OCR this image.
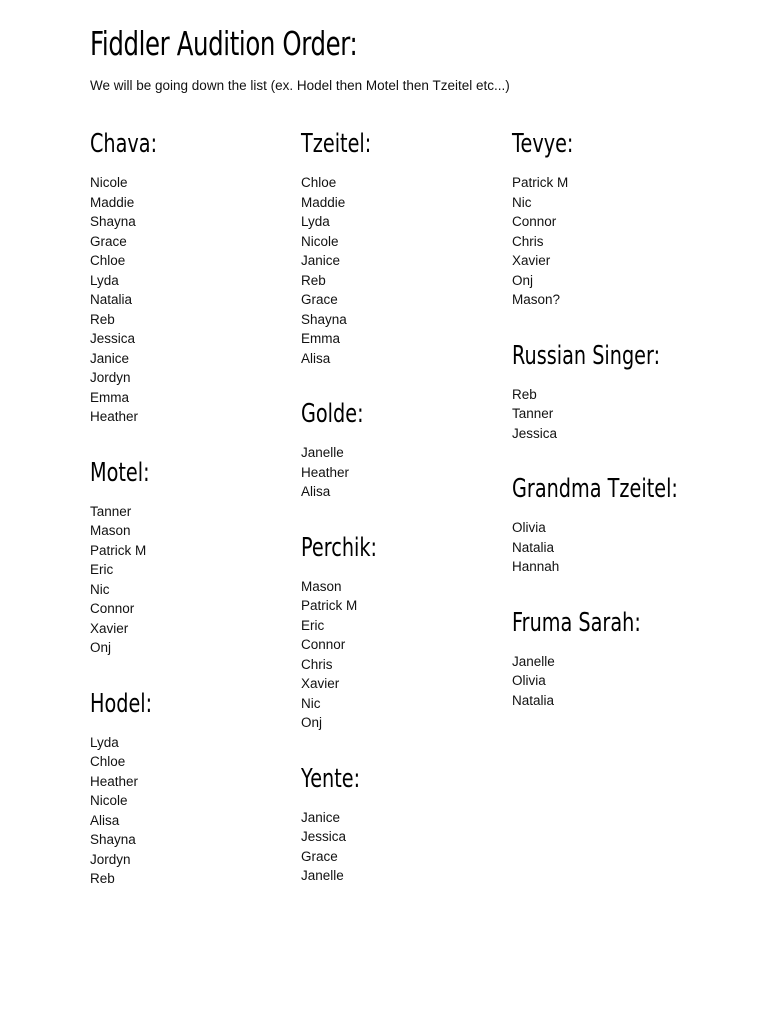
Fiddler Audition Order:

We will be going down the list (ex. Hodel then Motel then Tzeitel etc...)

Chava:
Nicole
Maddie
Shayna
Grace
Chloe
Lyda
Natalia
Reb
Jessica
Janice
Jordyn
Emma
Heather
Motel:
Tanner
Mason
Patrick M
Eric
Nic
Connor
Xavier
Onj
Hodel:
Lyda
Chloe
Heather
Nicole
Alisa
Shayna
Jordyn
Reb
Tzeitel:
Chloe
Maddie
Lyda
Nicole
Janice
Reb
Grace
Shayna
Emma
Alisa
Golde:
Janelle
Heather
Alisa
Perchik:
Mason
Patrick M
Eric
Connor
Chris
Xavier
Nic
Onj
Yente:
Janice
Jessica
Grace
Janelle
Tevye:
Patrick M
Nic
Connor
Chris
Xavier
Onj
Mason?
Russian Singer:
Reb
Tanner
Jessica
Grandma Tzeitel:
Olivia
Natalia
Hannah
Fruma Sarah:
Janelle
Olivia
Natalia
